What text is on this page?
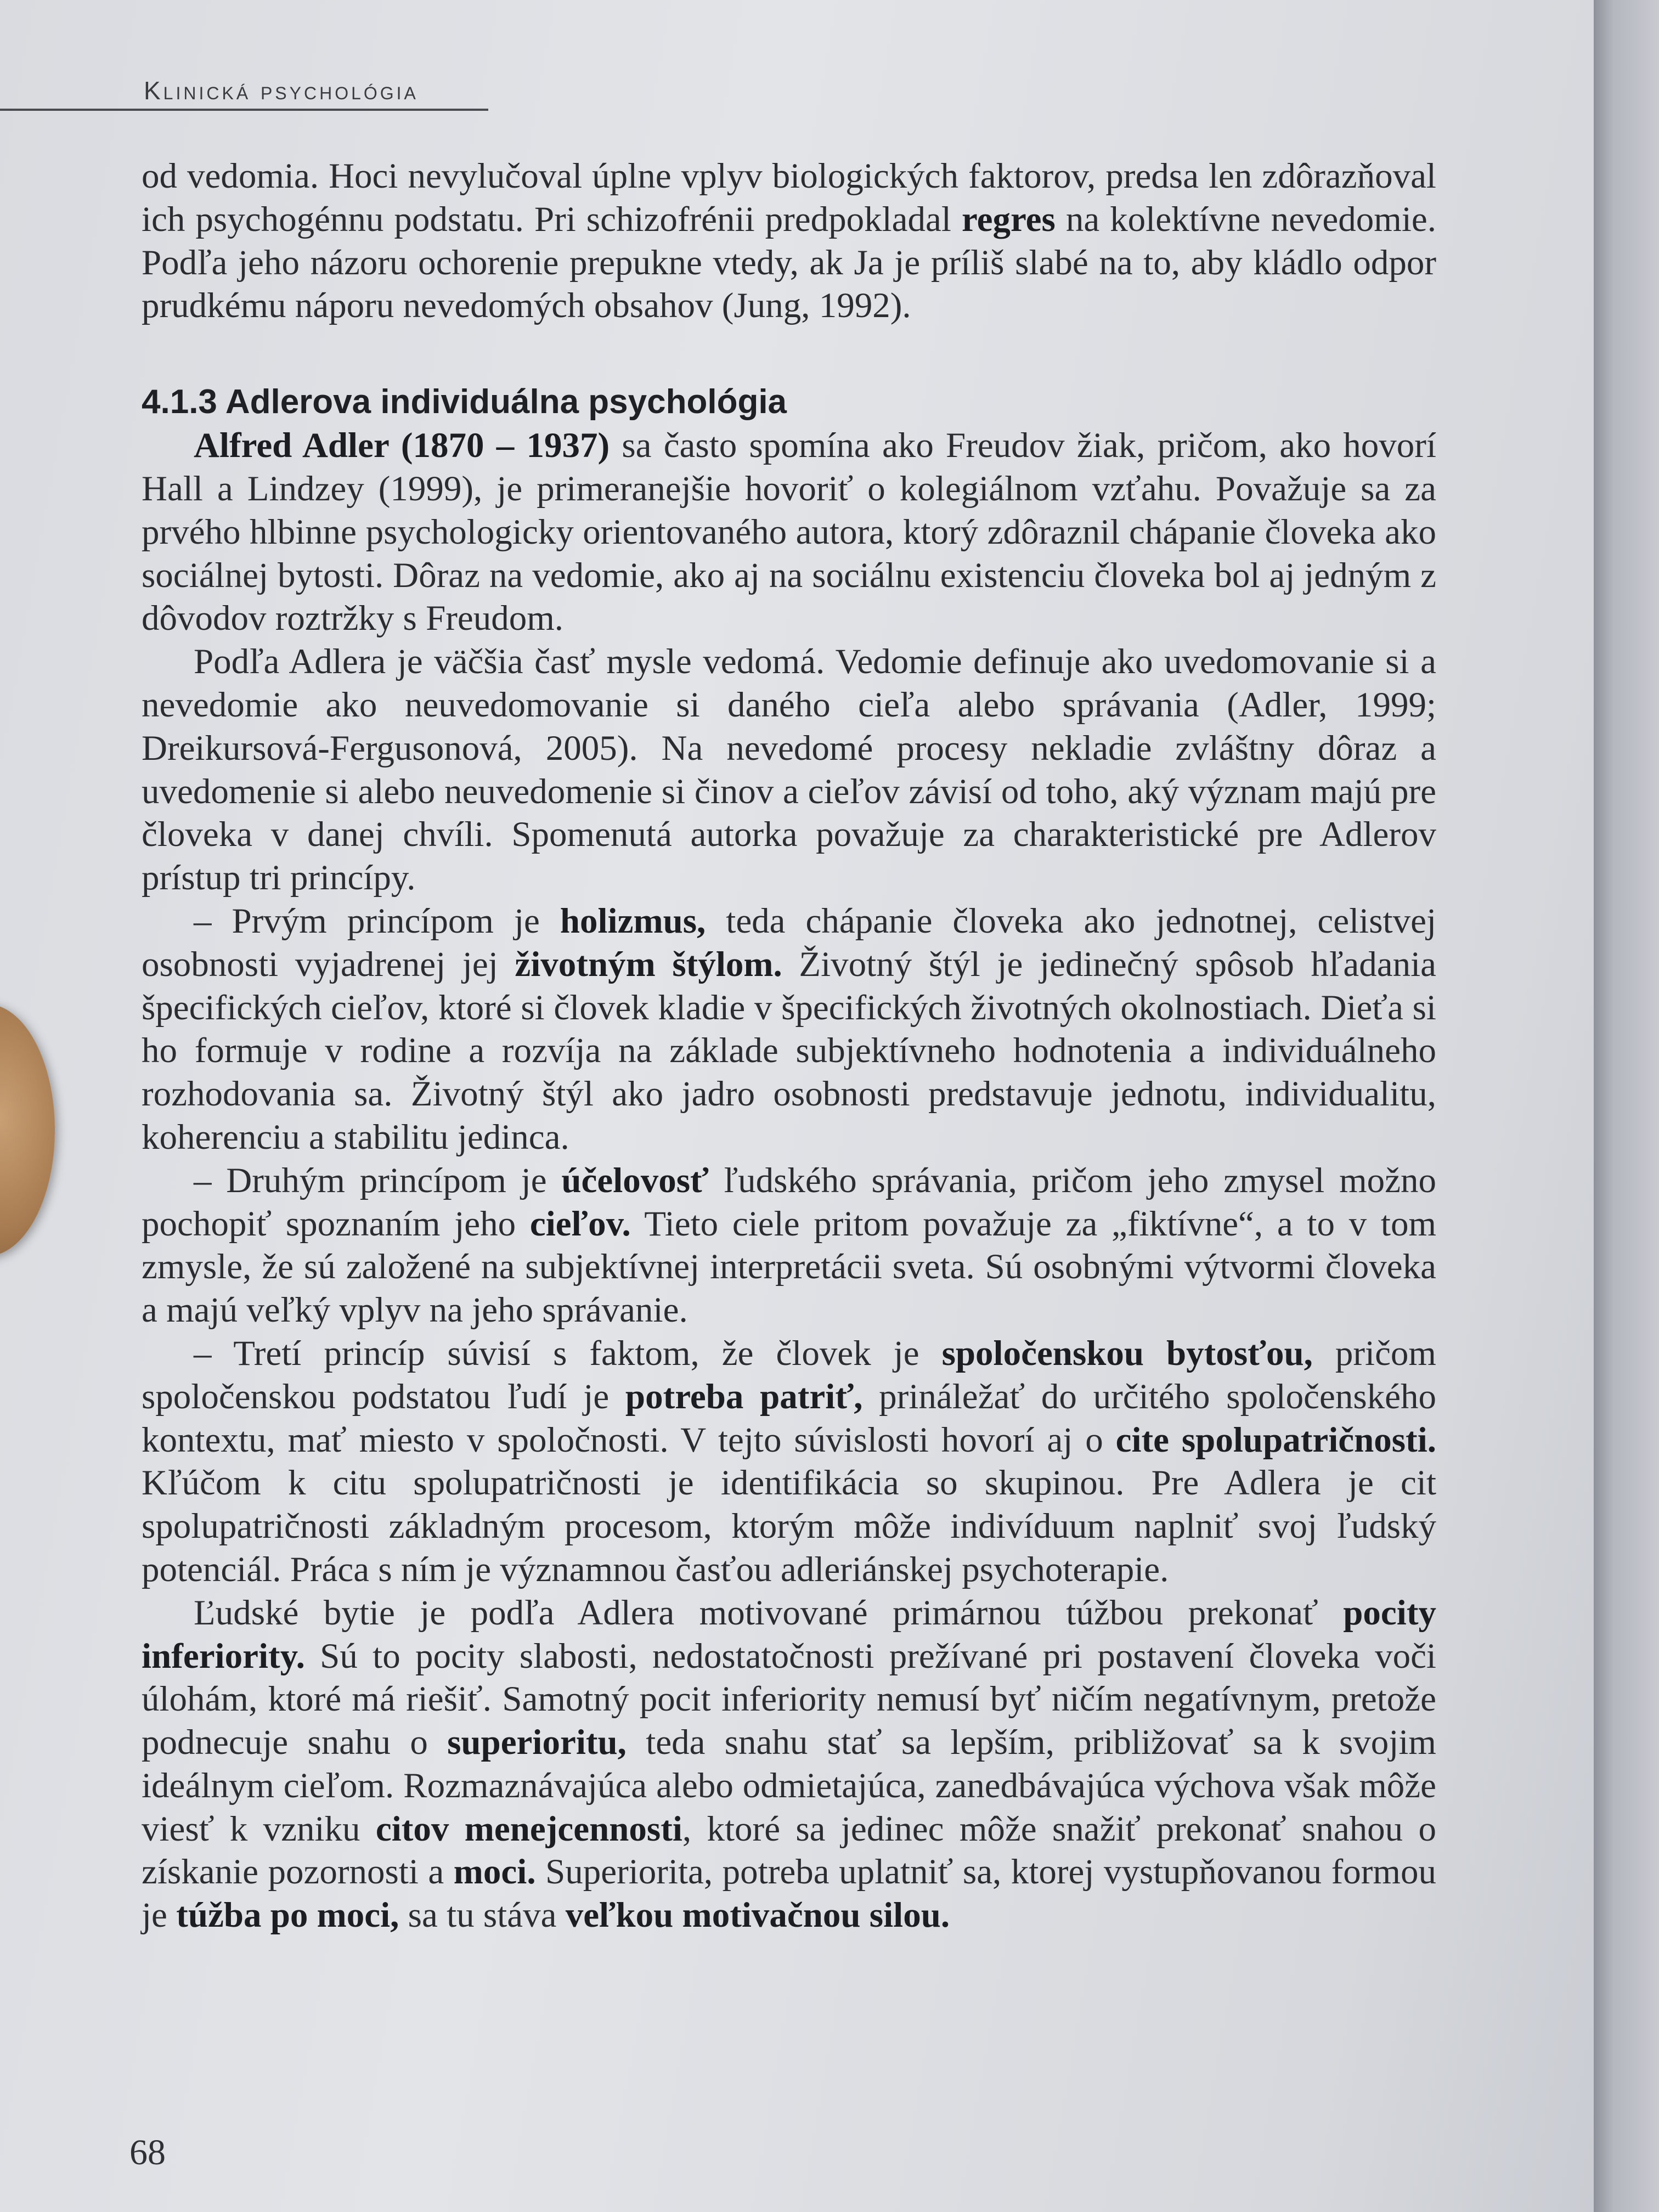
Klinická psychológia

od vedomia. Hoci nevylučoval úplne vplyv biologických faktorov, predsa len zdôrazňoval ich psychogénnu podstatu. Pri schizofrénii predpokladal regres na kolektívne nevedomie. Podľa jeho názoru ochorenie prepukne vtedy, ak Ja je príliš slabé na to, aby kládlo odpor prudkému náporu nevedomých obsahov (Jung, 1992).

4.1.3 Adlerova individuálna psychológia

Alfred Adler (1870 – 1937) sa často spomína ako Freudov žiak, pričom, ako hovorí Hall a Lindzey (1999), je primeranejšie hovoriť o kolegiálnom vzťahu. Považuje sa za prvého hlbinne psychologicky orientovaného autora, ktorý zdôraznil chápanie človeka ako sociálnej bytosti. Dôraz na vedomie, ako aj na sociálnu existenciu človeka bol aj jedným z dôvodov roztržky s Freudom.

Podľa Adlera je väčšia časť mysle vedomá. Vedomie definuje ako uvedomovanie si a nevedomie ako neuvedomovanie si daného cieľa alebo správania (Adler, 1999; Dreikursová-Fergusonová, 2005). Na nevedomé procesy nekladie zvláštny dôraz a uvedomenie si alebo neuvedomenie si činov a cieľov závisí od toho, aký význam majú pre človeka v danej chvíli. Spomenutá autorka považuje za charakteristické pre Adlerov prístup tri princípy.

– Prvým princípom je holizmus, teda chápanie človeka ako jednotnej, celistvej osobnosti vyjadrenej jej životným štýlom. Životný štýl je jedinečný spôsob hľadania špecifických cieľov, ktoré si človek kladie v špecifických životných okolnostiach. Dieťa si ho formuje v rodine a rozvíja na základe subjektívneho hodnotenia a individuálneho rozhodovania sa. Životný štýl ako jadro osobnosti predstavuje jednotu, individualitu, koherenciu a stabilitu jedinca.

– Druhým princípom je účelovosť ľudského správania, pričom jeho zmysel možno pochopiť spoznaním jeho cieľov. Tieto ciele pritom považuje za „fiktívne“, a to v tom zmysle, že sú založené na subjektívnej interpretácii sveta. Sú osobnými výtvormi človeka a majú veľký vplyv na jeho správanie.

– Tretí princíp súvisí s faktom, že človek je spoločenskou bytosťou, pričom spoločenskou podstatou ľudí je potreba patriť, prináležať do určitého spoločenského kontextu, mať miesto v spoločnosti. V tejto súvislosti hovorí aj o cite spolupatričnosti. Kľúčom k citu spolupatričnosti je identifikácia so skupinou. Pre Adlera je cit spolupatričnosti základným procesom, ktorým môže indivíduum naplniť svoj ľudský potenciál. Práca s ním je významnou časťou adleriánskej psychoterapie.

Ľudské bytie je podľa Adlera motivované primárnou túžbou prekonať pocity inferiority. Sú to pocity slabosti, nedostatočnosti prežívané pri postavení človeka voči úlohám, ktoré má riešiť. Samotný pocit inferiority nemusí byť ničím negatívnym, pretože podnecuje snahu o superioritu, teda snahu stať sa lepším, približovať sa k svojim ideálnym cieľom. Rozmaznávajúca alebo odmietajúca, zanedbávajúca výchova však môže viesť k vzniku citov menejcennosti, ktoré sa jedinec môže snažiť prekonať snahou o získanie pozornosti a moci. Superiorita, potreba uplatniť sa, ktorej vystupňovanou formou je túžba po moci, sa tu stáva veľkou motivačnou silou.

68
